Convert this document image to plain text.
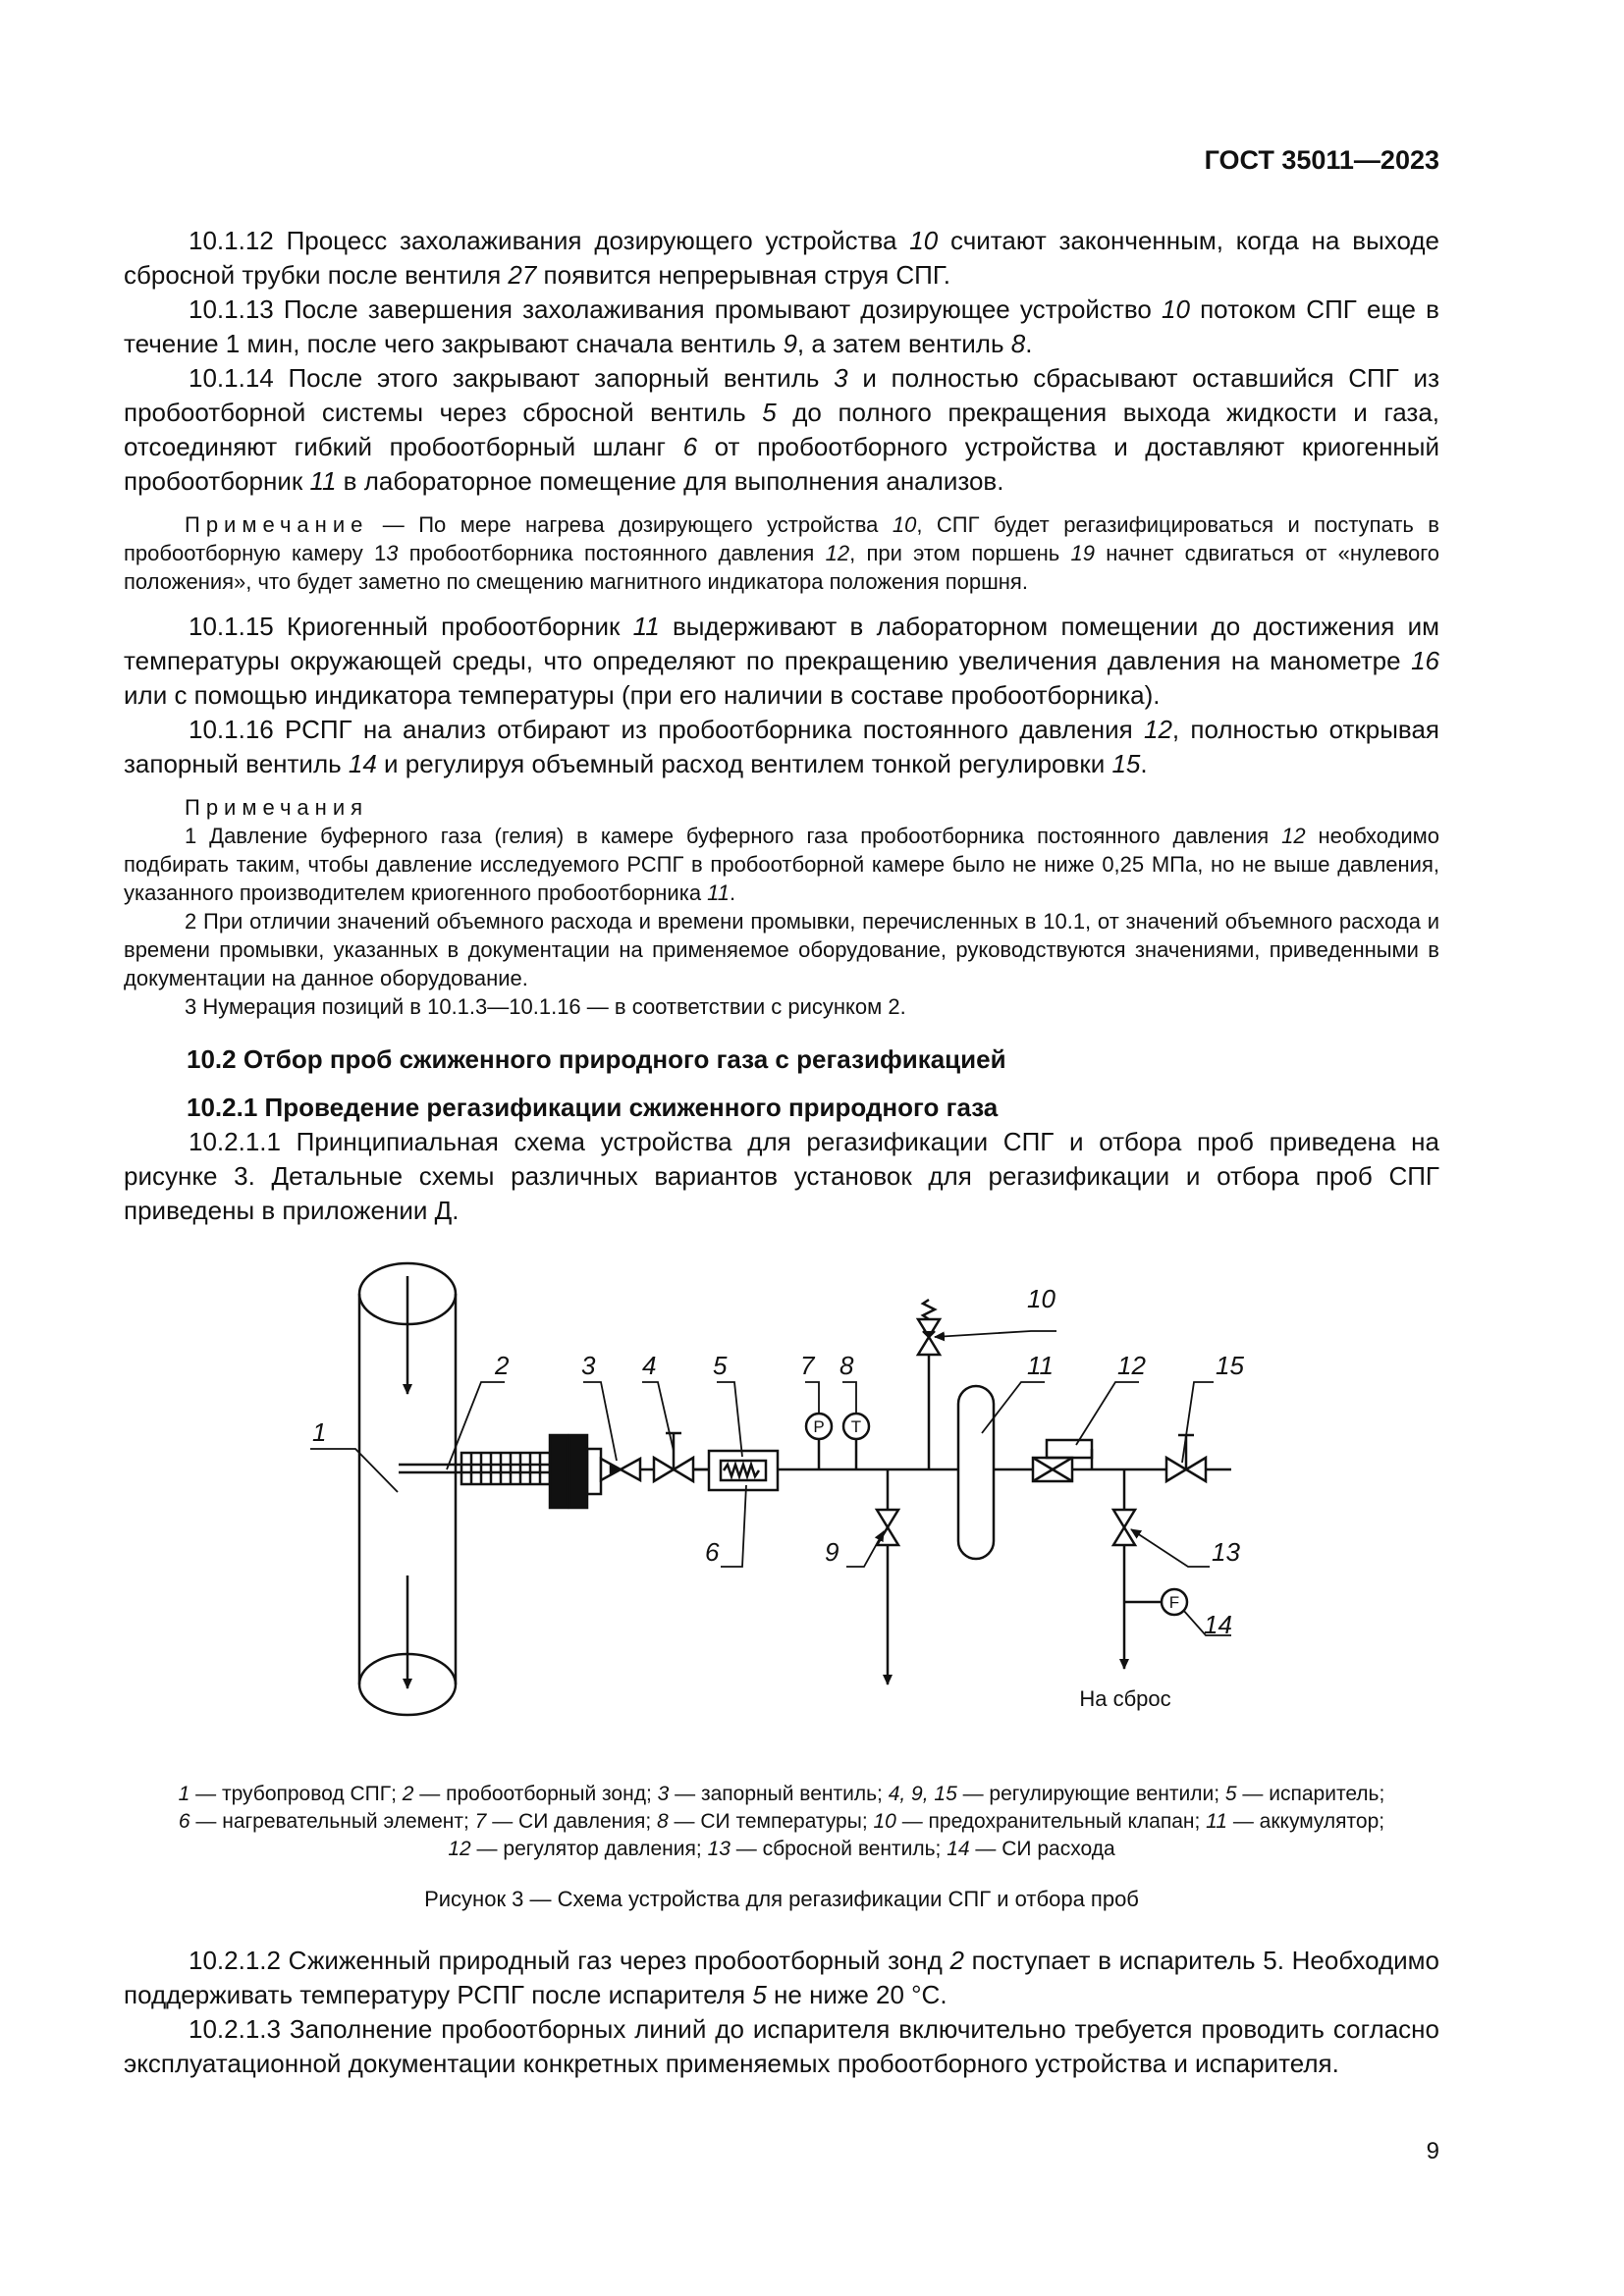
ГОСТ 35011—2023

10.1.12 Процесс захолаживания дозирующего устройства 10 считают законченным, когда на выходе сбросной трубки после вентиля 27 появится непрерывная струя СПГ.

10.1.13 После завершения захолаживания промывают дозирующее устройство 10 потоком СПГ еще в течение 1 мин, после чего закрывают сначала вентиль 9, а затем вентиль 8.

10.1.14 После этого закрывают запорный вентиль 3 и полностью сбрасывают оставшийся СПГ из пробоотборной системы через сбросной вентиль 5 до полного прекращения выхода жидкости и газа, отсоединяют гибкий пробоотборный шланг 6 от пробоотборного устройства и доставляют криогенный пробоотборник 11 в лабораторное помещение для выполнения анализов.

Примечание — По мере нагрева дозирующего устройства 10, СПГ будет регазифицироваться и поступать в пробоотборную камеру 13 пробоотборника постоянного давления 12, при этом поршень 19 начнет сдвигаться от «нулевого положения», что будет заметно по смещению магнитного индикатора положения поршня.

10.1.15 Криогенный пробоотборник 11 выдерживают в лабораторном помещении до достижения им температуры окружающей среды, что определяют по прекращению увеличения давления на манометре 16 или с помощью индикатора температуры (при его наличии в составе пробоотборника).

10.1.16 РСПГ на анализ отбирают из пробоотборника постоянного давления 12, полностью открывая запорный вентиль 14 и регулируя объемный расход вентилем тонкой регулировки 15.

Примечания

1 Давление буферного газа (гелия) в камере буферного газа пробоотборника постоянного давления 12 необходимо подбирать таким, чтобы давление исследуемого РСПГ в пробоотборной камере было не ниже 0,25 МПа, но не выше давления, указанного производителем криогенного пробоотборника 11.

2 При отличии значений объемного расхода и времени промывки, перечисленных в 10.1, от значений объемного расхода и времени промывки, указанных в документации на применяемое оборудование, руководствуются значениями, приведенными в документации на данное оборудование.

3 Нумерация позиций в 10.1.3—10.1.16 — в соответствии с рисунком 2.

10.2 Отбор проб сжиженного природного газа с регазификацией

10.2.1 Проведение регазификации сжиженного природного газа

10.2.1.1 Принципиальная схема устройства для регазификации СПГ и отбора проб приведена на рисунке 3. Детальные схемы различных вариантов установок для регазификации и отбора проб СПГ приведены в приложении Д.

1
2	3 4 5
6
7 8
9
10
11	12
13
14
15
P T
F
На сброс
1 — трубопровод СПГ; 2 — пробоотборный зонд; 3 — запорный вентиль; 4, 9, 15 — регулирующие вентили; 5 — испаритель;
6 — нагревательный элемент; 7 — СИ давления; 8 — СИ температуры; 10 — предохранительный клапан; 11 — аккумулятор;
12 — регулятор давления; 13 — сбросной вентиль; 14 — СИ расхода
Рисунок 3 — Схема устройства для регазификации СПГ и отбора проб

10.2.1.2 Сжиженный природный газ через пробоотборный зонд 2 поступает в испаритель 5. Необходимо поддерживать температуру РСПГ после испарителя 5 не ниже 20 °С.

10.2.1.3 Заполнение пробоотборных линий до испарителя включительно требуется проводить согласно эксплуатационной документации конкретных применяемых пробоотборного устройства и испарителя.

9
